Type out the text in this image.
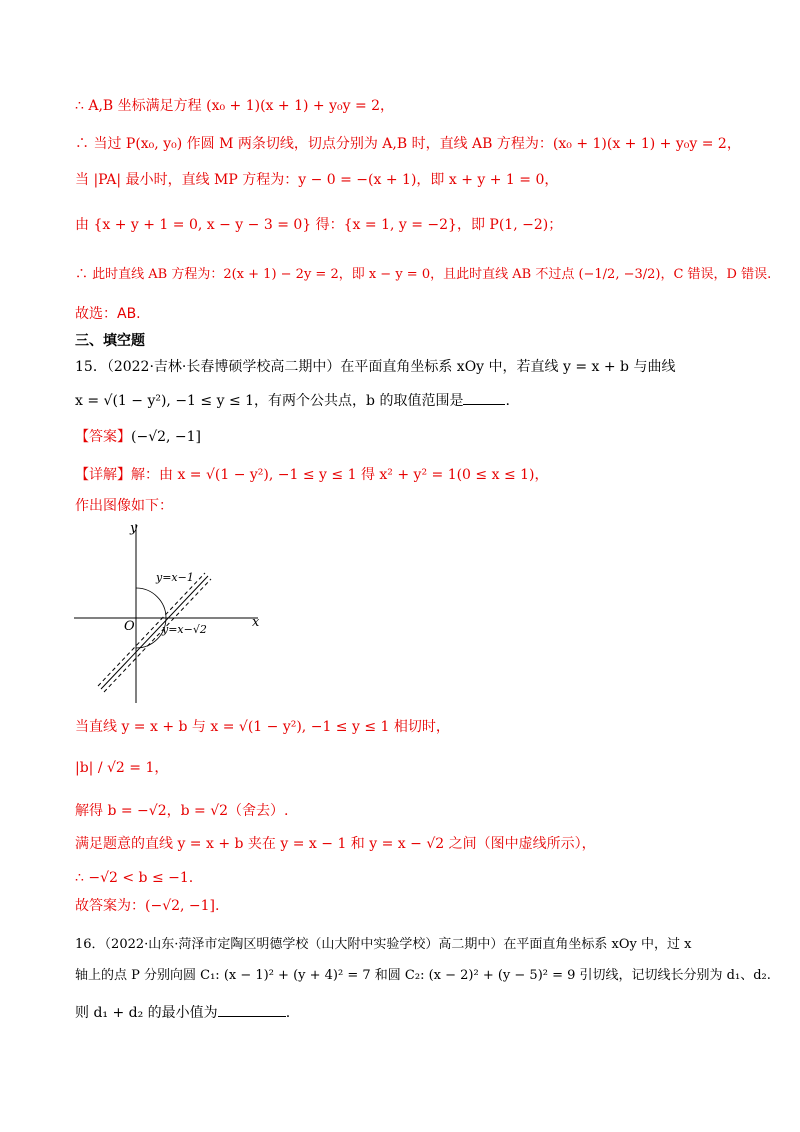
∴ A,B 坐标满足方程 (x₀ + 1)(x + 1) + y₀y = 2，
∴ 当过 P(x₀, y₀) 作圆 M 两条切线，切点分别为 A,B 时，直线 AB 方程为：(x₀ + 1)(x + 1) + y₀y = 2，
当 |PA| 最小时，直线 MP 方程为：y − 0 = −(x + 1)，即 x + y + 1 = 0，
由 {x + y + 1 = 0, x − y − 3 = 0} 得：{x = 1, y = −2}，即 P(1, −2)；
∴ 此时直线 AB 方程为：2(x + 1) − 2y = 2，即 x − y = 0，且此时直线 AB 不过点 (−1/2, −3/2)，C 错误，D 错误.
故选：AB.
三、填空题
15．（2022·吉林·长春博硕学校高二期中）在平面直角坐标系 xOy 中，若直线 y = x + b 与曲线
x = √(1 − y²), −1 ≤ y ≤ 1，有两个公共点，b 的取值范围是	.
【答案】(−√2, −1]
【详解】解：由 x = √(1 − y²), −1 ≤ y ≤ 1 得 x² + y² = 1(0 ≤ x ≤ 1)，
作出图像如下：
y
x
O
y=x−1
y=x−√2
当直线 y = x + b 与 x = √(1 − y²), −1 ≤ y ≤ 1 相切时，
|b| / √2 = 1，
解得 b = −√2，b = √2（舍去）.
满足题意的直线 y = x + b 夹在 y = x − 1 和 y = x − √2 之间（图中虚线所示），
∴ −√2 < b ≤ −1.
故答案为：(−√2, −1].
16．（2022·山东·菏泽市定陶区明德学校（山大附中实验学校）高二期中）在平面直角坐标系 xOy 中，过 x
轴上的点 P 分别向圆 C₁: (x − 1)² + (y + 4)² = 7 和圆 C₂: (x − 2)² + (y − 5)² = 9 引切线，记切线长分别为 d₁、d₂.
则 d₁ + d₂ 的最小值为	.
